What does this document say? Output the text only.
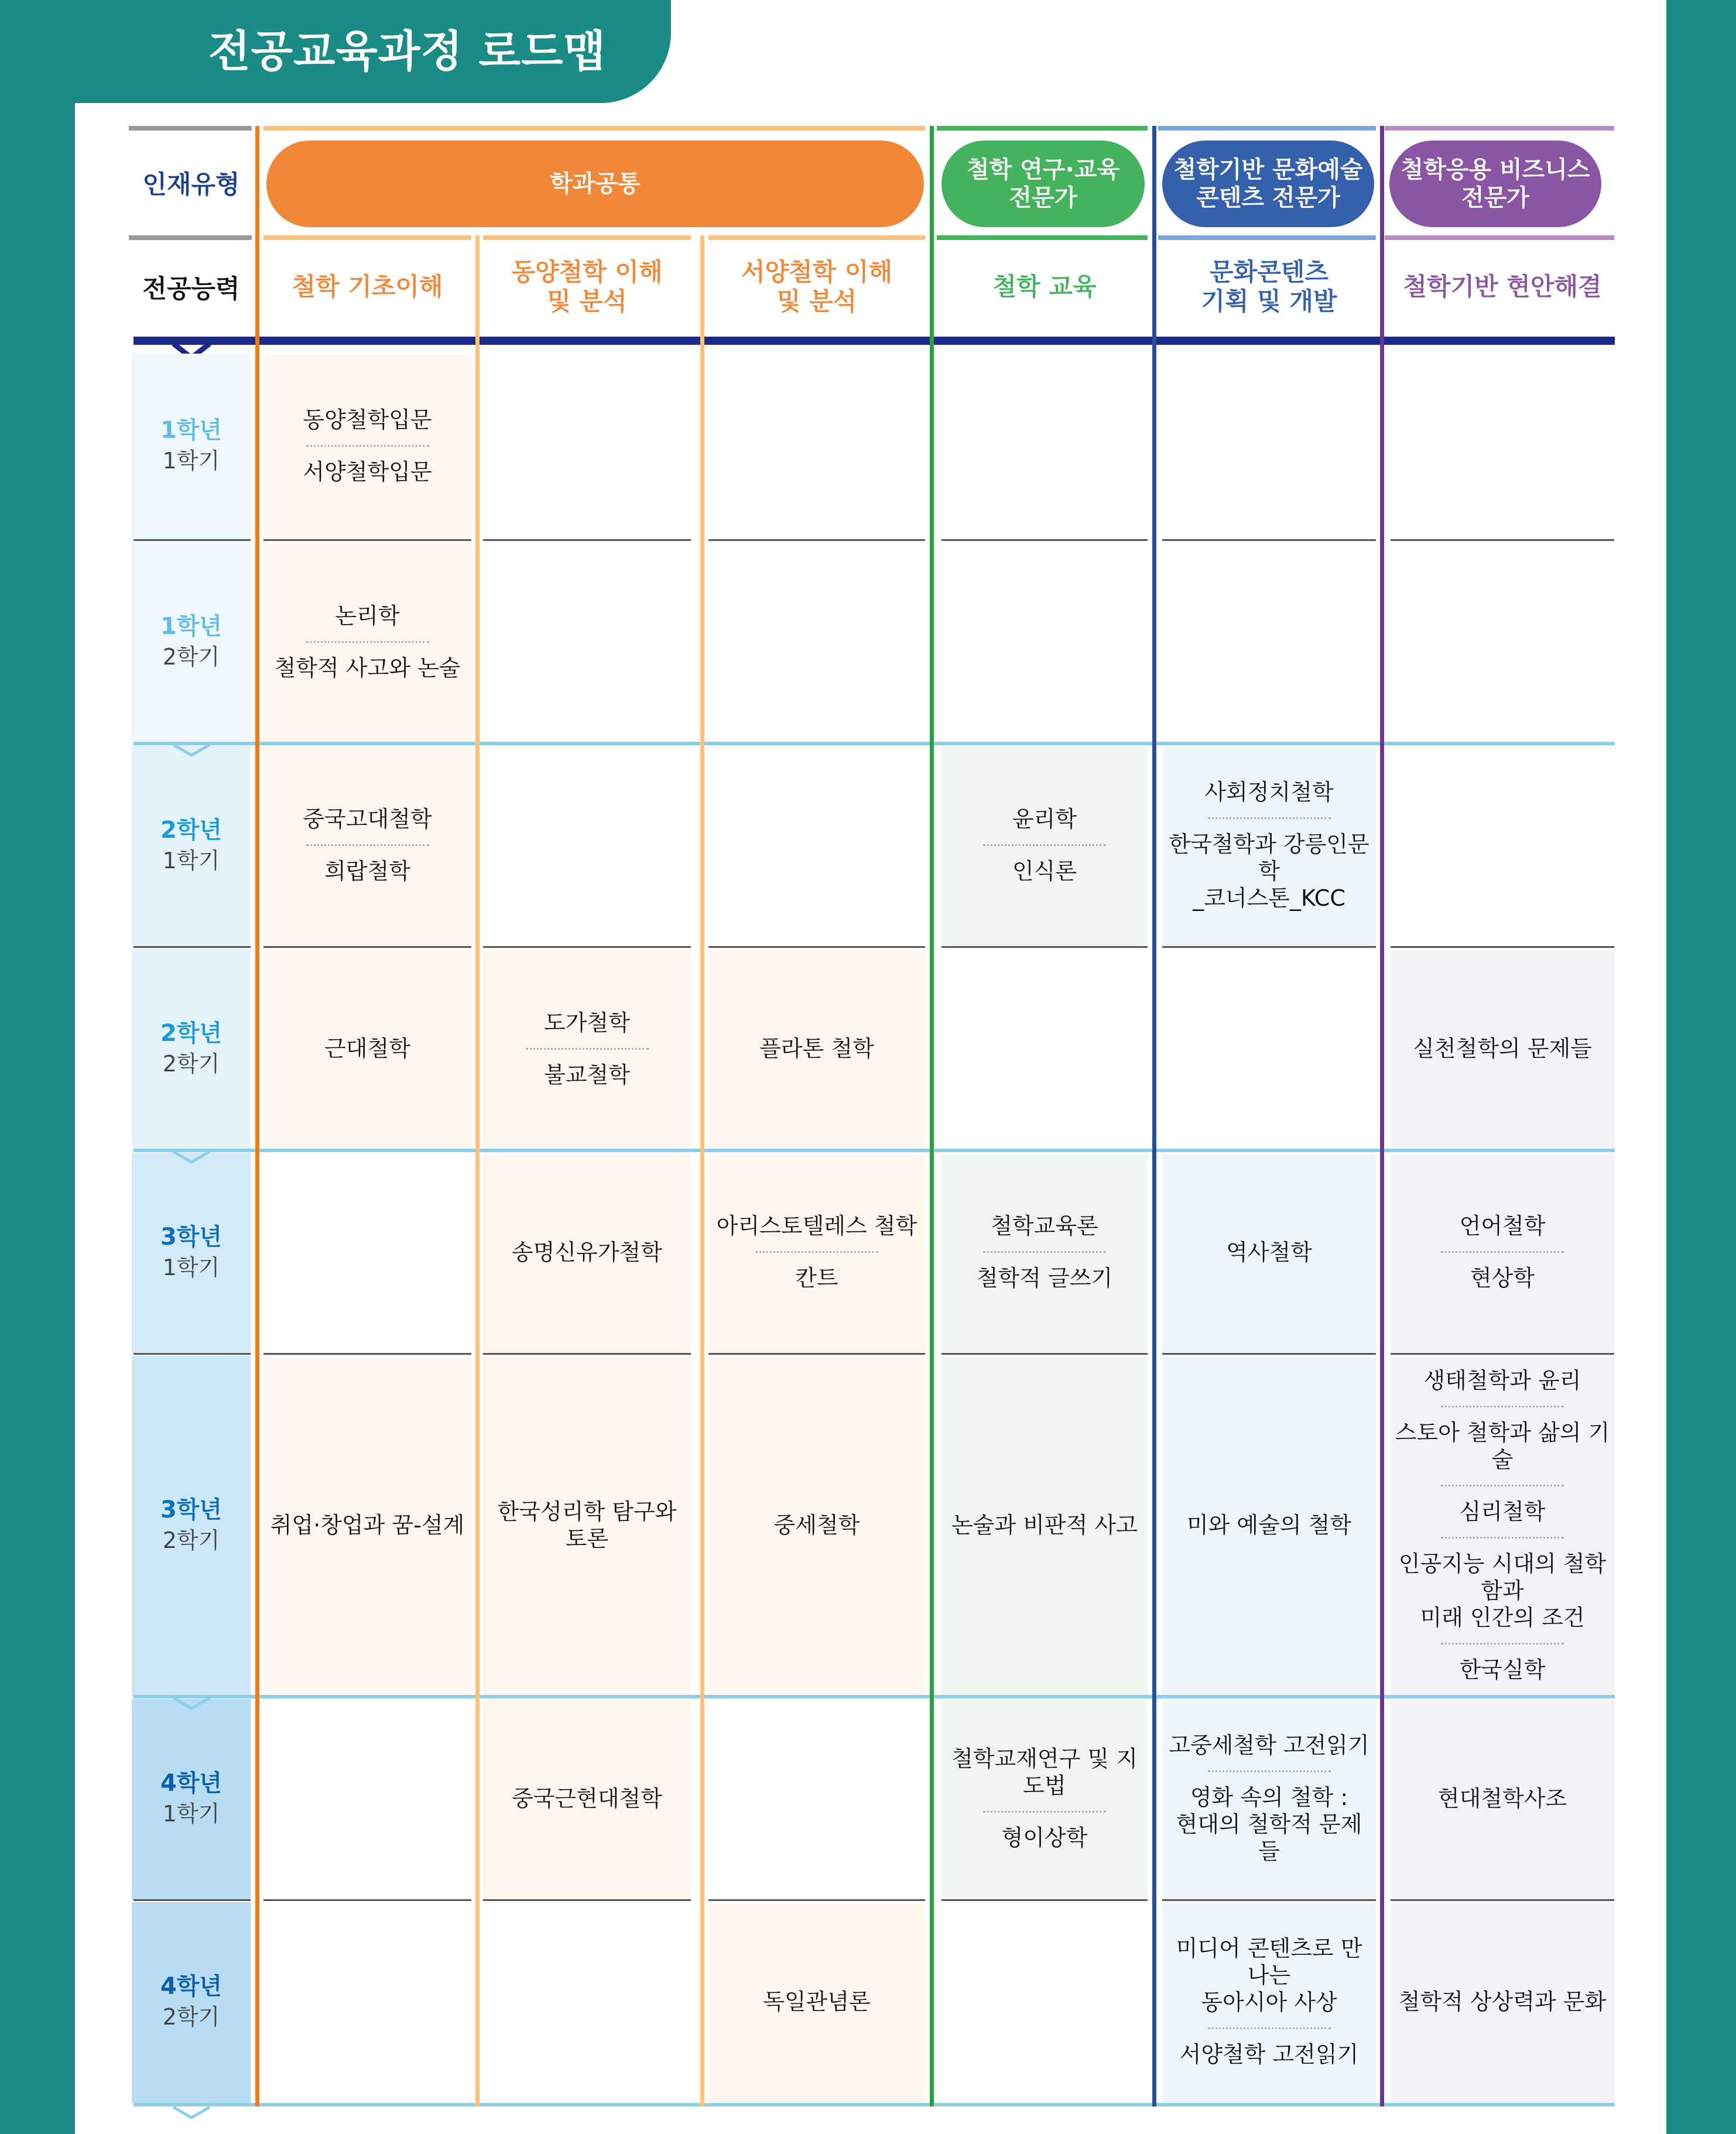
전공교육과정 로드맵
인재유형
전공능력
학과공통
철학 연구·교육
전문가
철학기반 문화예술
콘텐츠 전문가
철학응용 비즈니스
전문가
철학 기초이해
동양철학 이해
및 분석
서양철학 이해
및 분석
철학 교육
문화콘텐츠
기획 및 개발
철학기반 현안해결
1학년
1학기
1학년
2학기
2학년
1학기
2학년
2학기
3학년
1학기
3학년
2학기
4학년
1학기
4학년
2학기
동양철학입문
서양철학입문
논리학
철학적 사고와 논술
중국고대철학
희랍철학
윤리학
인식론
사회정치철학
한국철학과 강릉인문학
_코너스톤_KCC
근대철학
도가철학
불교철학
플라톤 철학	실천철학의 문제들
송명신유가철학
아리스토텔레스 철학
칸트
철학교육론
철학적 글쓰기
역사철학
언어철학
현상학
취업·창업과 꿈-설계
한국성리학 탐구와 토론
중세철학	논술과 비판적 사고 미와 예술의 철학
생태철학과 윤리
스토아 철학과 삶의 기술
심리철학
인공지능 시대의 철학함과
미래 인간의 조건
한국실학
중국근현대철학
철학교재연구 및 지도법
형이상학
고중세철학 고전읽기
영화 속의 철학 :
현대의 철학적 문제들
현대철학사조
독일관념론
미디어 콘텐츠로 만나는
동아시아 사상
서양철학 고전읽기
철학적 상상력과 문화
